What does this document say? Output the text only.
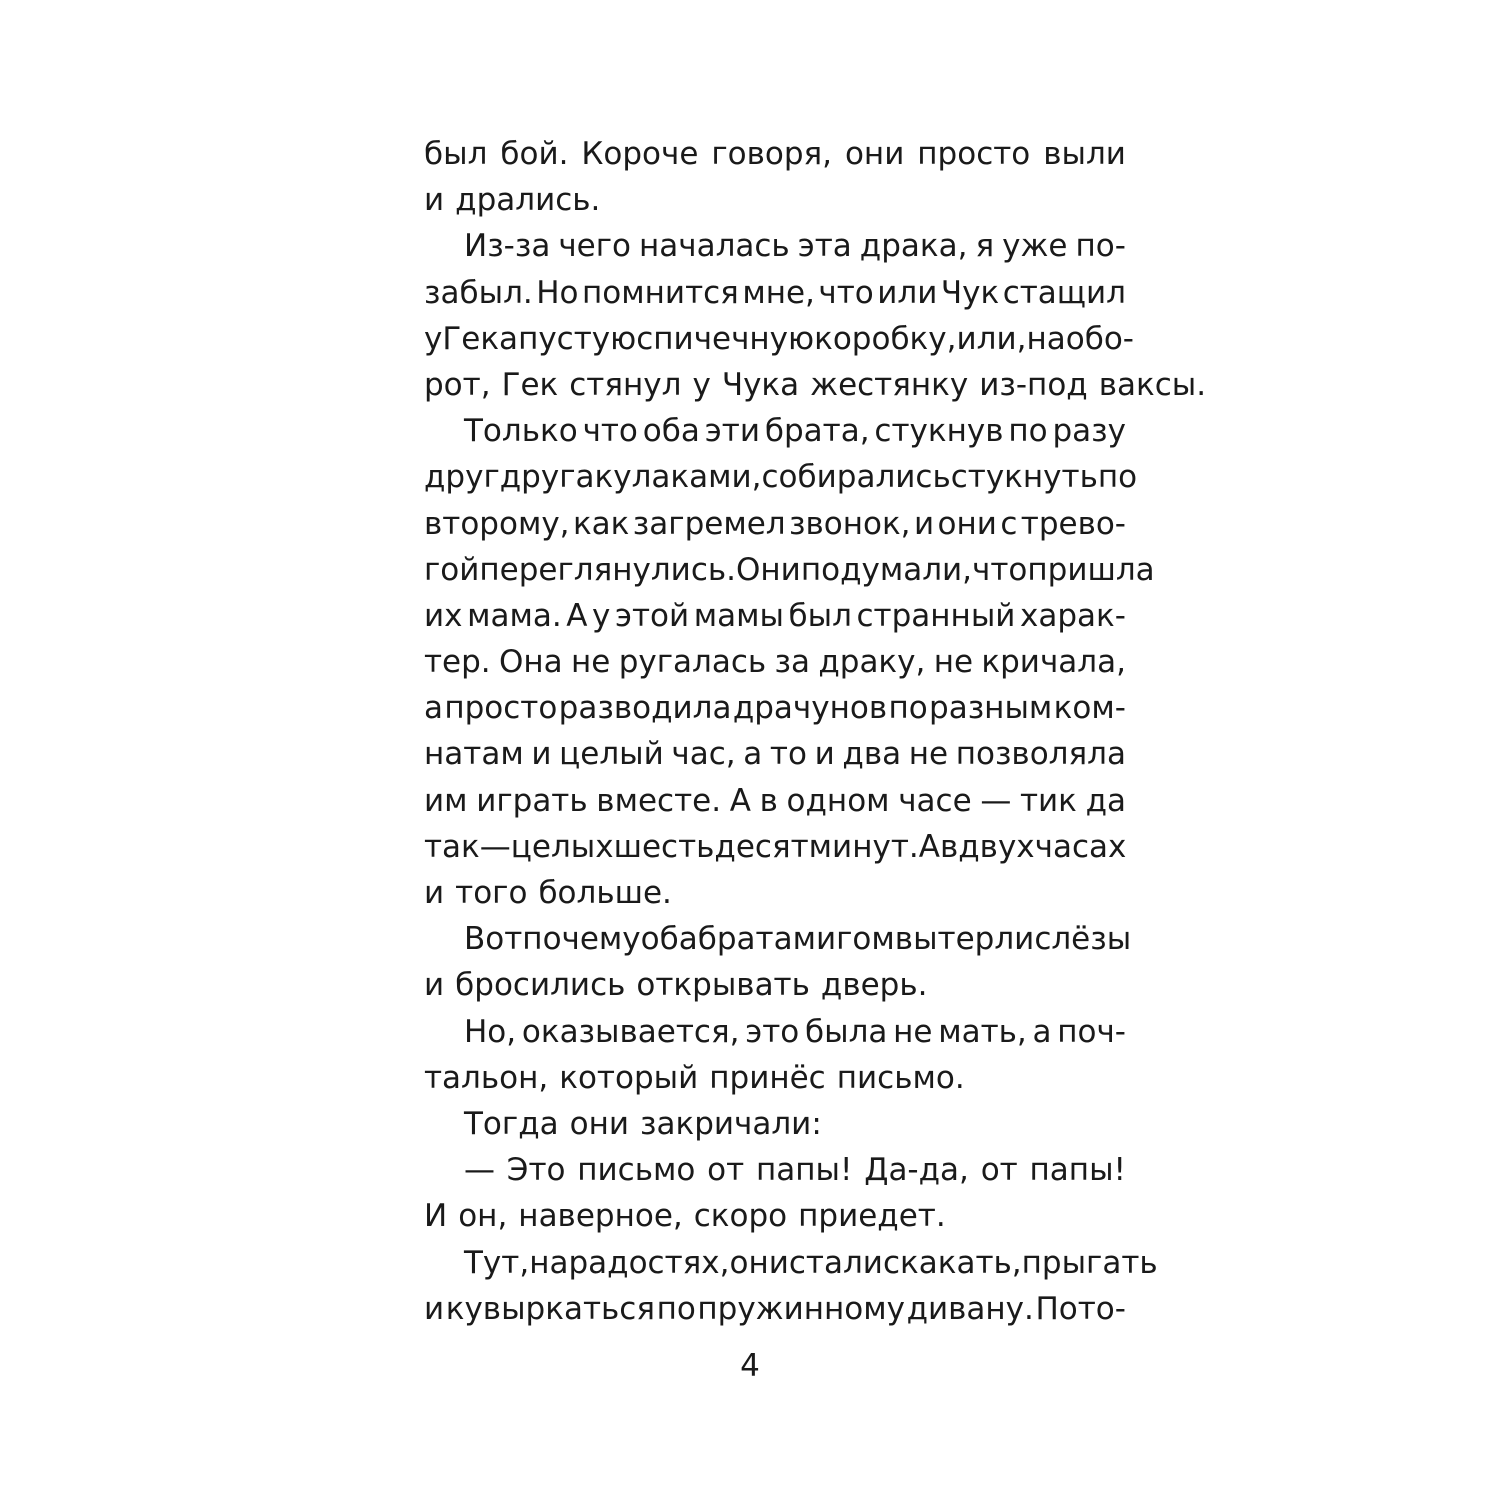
был бой. Короче говоря, они просто выли
и дрались.
Из-за чего началась эта драка, я уже по-
забыл. Но помнится мне, что или Чук стащил
у Гека пустую спичечную коробку, или, наобо-
рот, Гек стянул у Чука жестянку из-под ваксы.
Только что оба эти брата, стукнув по разу
друг друга кулаками, собирались стукнуть по
второму, как загремел звонок, и они с трево-
гой переглянулись. Они подумали, что пришла
их мама. А у этой мамы был странный харак-
тер. Она не ругалась за драку, не кричала,
а просто разводила драчунов по разным ком-
натам и целый час, а то и два не позволяла
им играть вместе. А в одном часе — тик да
так — целых шестьдесят минут. А в двух часах
и того больше.
Вот почему оба брата мигом вытерли слёзы
и бросились открывать дверь.
Но, оказывается, это была не мать, а поч-
тальон, который принёс письмо.
Тогда они закричали:
— Это письмо от папы! Да-да, от папы!
И он, наверное, скоро приедет.
Тут, на радостях, они стали скакать, прыгать
и кувыркаться по пружинному дивану. Пото-
4
